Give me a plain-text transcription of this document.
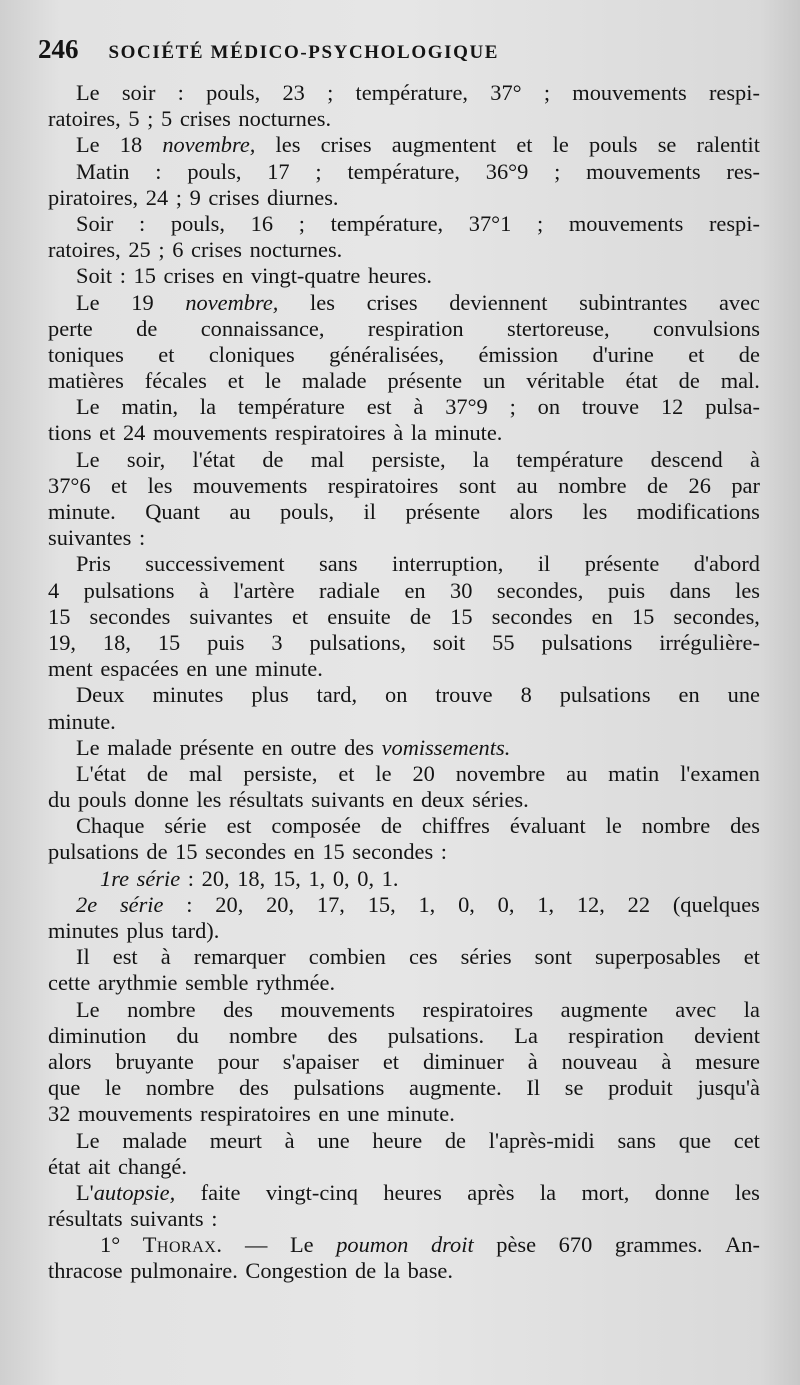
246 SOCIÉTÉ MÉDICO-PSYCHOLOGIQUE
Le soir : pouls, 23 ; température, 37° ; mouvements respi-
ratoires, 5 ; 5 crises nocturnes.
Le 18 novembre, les crises augmentent et le pouls se ralentit
Matin : pouls, 17 ; température, 36°9 ; mouvements res-
piratoires, 24 ; 9 crises diurnes.
Soir : pouls, 16 ; température, 37°1 ; mouvements respi-
ratoires, 25 ; 6 crises nocturnes.
Soit : 15 crises en vingt-quatre heures.
Le 19 novembre, les crises deviennent subintrantes avec
perte de connaissance, respiration stertoreuse, convulsions
toniques et cloniques généralisées, émission d'urine et de
matières fécales et le malade présente un véritable état de mal.
Le matin, la température est à 37°9 ; on trouve 12 pulsa-
tions et 24 mouvements respiratoires à la minute.
Le soir, l'état de mal persiste, la température descend à
37°6 et les mouvements respiratoires sont au nombre de 26 par
minute. Quant au pouls, il présente alors les modifications
suivantes :
Pris successivement sans interruption, il présente d'abord
4 pulsations à l'artère radiale en 30 secondes, puis dans les
15 secondes suivantes et ensuite de 15 secondes en 15 secondes,
19, 18, 15 puis 3 pulsations, soit 55 pulsations irrégulière-
ment espacées en une minute.
Deux minutes plus tard, on trouve 8 pulsations en une
minute.
Le malade présente en outre des vomissements.
L'état de mal persiste, et le 20 novembre au matin l'examen
du pouls donne les résultats suivants en deux séries.
Chaque série est composée de chiffres évaluant le nombre des
pulsations de 15 secondes en 15 secondes :
1re série : 20, 18, 15, 1, 0, 0, 1.
2e série : 20, 20, 17, 15, 1, 0, 0, 1, 12, 22 (quelques
minutes plus tard).
Il est à remarquer combien ces séries sont superposables et
cette arythmie semble rythmée.
Le nombre des mouvements respiratoires augmente avec la
diminution du nombre des pulsations. La respiration devient
alors bruyante pour s'apaiser et diminuer à nouveau à mesure
que le nombre des pulsations augmente. Il se produit jusqu'à
32 mouvements respiratoires en une minute.
Le malade meurt à une heure de l'après-midi sans que cet
état ait changé.
L'autopsie, faite vingt-cinq heures après la mort, donne les
résultats suivants :
1° Thorax. — Le poumon droit pèse 670 grammes. An-
thracose pulmonaire. Congestion de la base.
